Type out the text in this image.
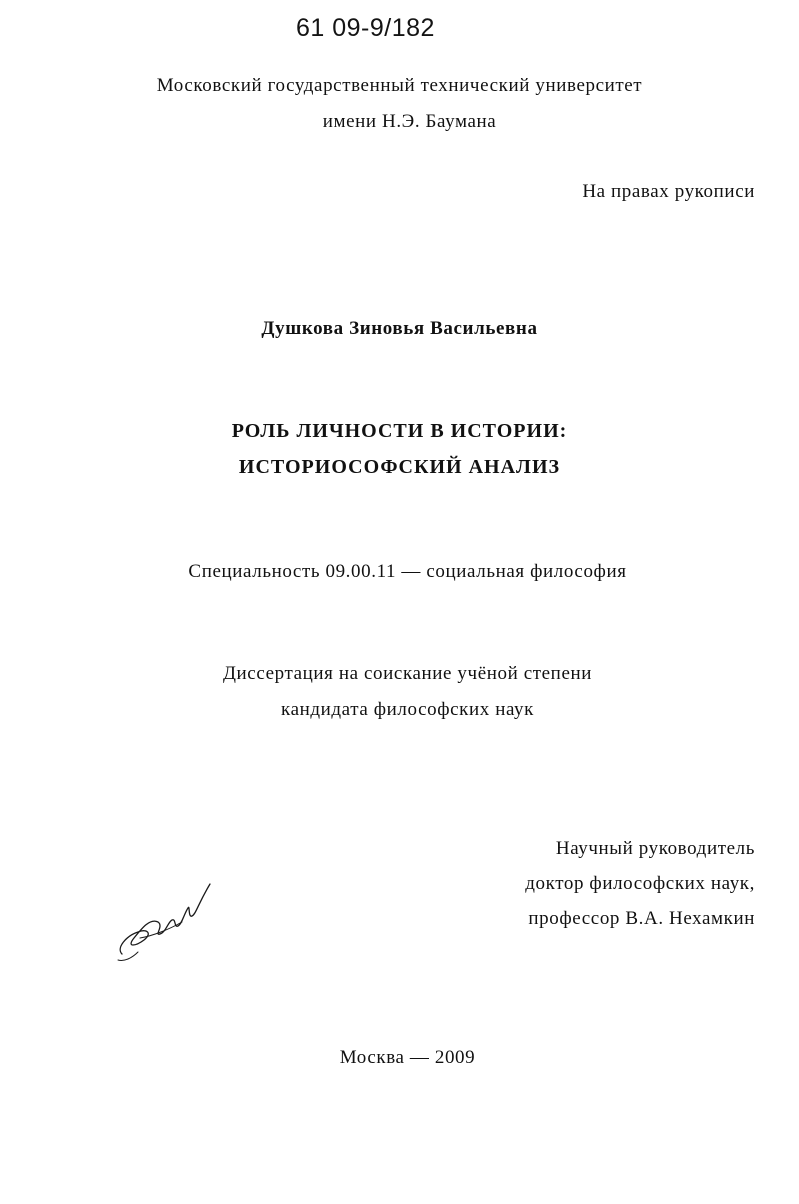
61 09-9/182
Московский государственный технический университет
имени Н.Э. Баумана
На правах рукописи
Душкова Зиновья Васильевна
РОЛЬ ЛИЧНОСТИ В ИСТОРИИ:
ИСТОРИОСОФСКИЙ АНАЛИЗ
Специальность 09.00.11 — социальная философия
Диссертация на соискание учёной степени
кандидата философских наук
Научный руководитель
доктор философских наук,
профессор В.А. Нехамкин
Москва — 2009
